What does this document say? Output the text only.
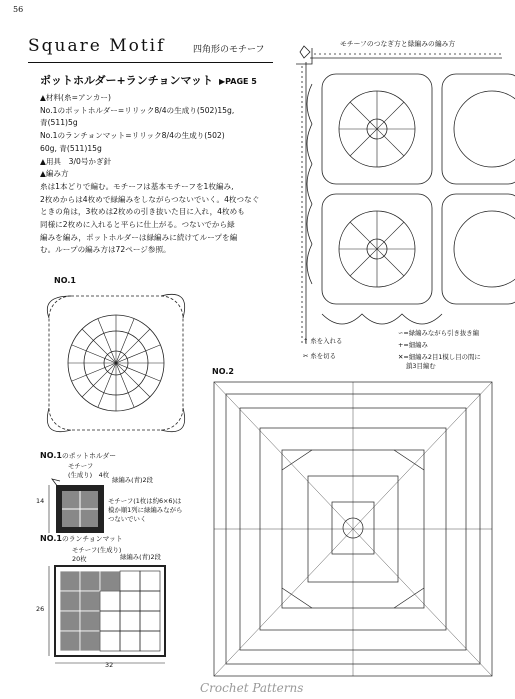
56
Square Motif	四角形のモチーフ
ポットホルダー+ランチョンマット ▶PAGE 5
▲材料(糸=アンカー)
No.1のポットホルダー=リリック8/4の生成り(502)15g,
青(511)5g
No.1のランチョンマット=リリック8/4の生成り(502)
60g, 青(511)15g
▲用具　3/0号かぎ針
▲編み方
糸は1本どりで編む。モチーフは基本モチーフを1枚編み,
2枚めからは4枚めで緑編みをしながらつないでいく。4枚つなぐ
ときの角は，3枚めは2枚めの引き抜いた目に入れ，4枚めも
同様に2枚めに入れると平らに仕上がる。つないでから緑
編みを編み，ポットホルダーは緑編みに続けてループを編
む。ループの編み方は72ページ参照。
モチーフのつなぎ方と緑編みの編み方
↑ 糸を入れる
✂ 糸を切る
∽=緑編みながら引き抜き編
+=細編み
✕=細編み2目1模し目の間に
鎖3目編む
NO.1
NO.2
NO.1のポットホルダー
モチーフ
(生成り)　 4枚
緑編み(青)2段
モチーフ(1枚は約6×6)は
模か順1列に緑編みながら
つないでいく
14
NO.1のランチョンマット
モチーフ(生成り)
20枚	緑編み(青)2段
26
32
Crochet Patterns
